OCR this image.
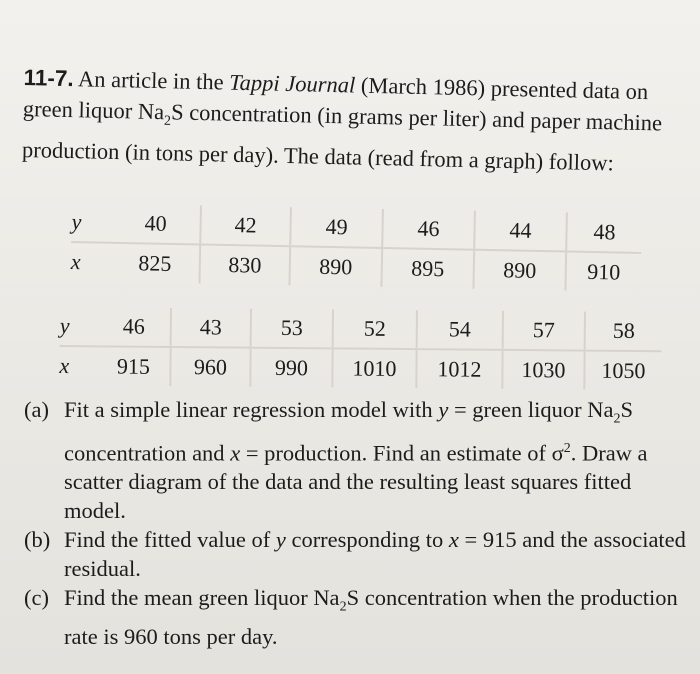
11-7. An article in the Tappi Journal (March 1986) presented data on green liquor $Na_2S$ concentration (in grams per liter) and paper machine production (in tons per day). The data (read from a graph) follow:
y	40	42	49	46	44	48
x	825	830	890	895	890	910
y	46	43	53	52	54	57	58
x	915	960	990	1010	1012	1030	1050
(a) Fit a simple linear regression model with y = green liquor $Na_2S$ concentration and x = production. Find an estimate of $\sigma^2$. Draw a scatter diagram of the data and the resulting least squares fitted model.
(b) Find the fitted value of y corresponding to x = 915 and the associated residual.
(c) Find the mean green liquor $Na_2S$ concentration when the production rate is 960 tons per day.
